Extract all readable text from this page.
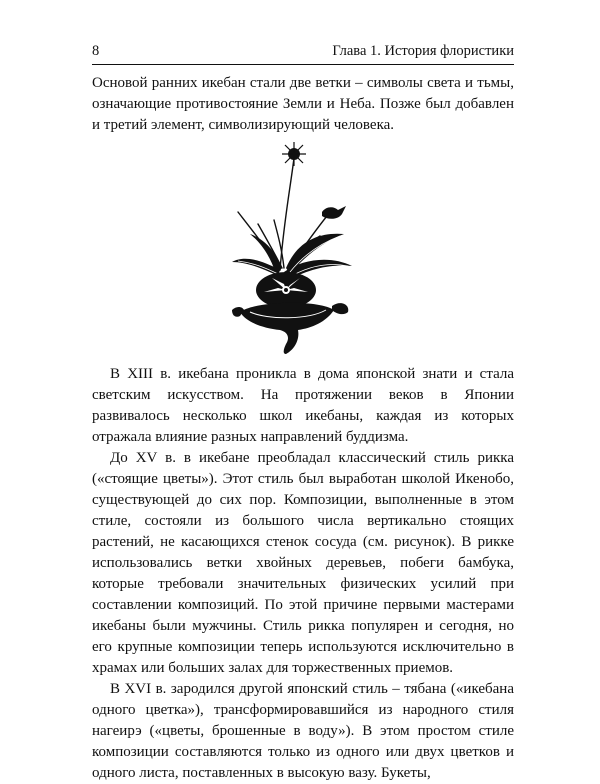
8	Глава 1. История флористики

Основой ранних икебан стали две ветки – символы света и тьмы, означающие противостояние Земли и Неба. Позже был добавлен и третий элемент, символизирующий человека.

В XIII в. икебана проникла в дома японской знати и стала светским искусством. На протяжении веков в Японии развивалось несколько школ икебаны, каждая из которых отражала влияние разных направлений буддизма.

До XV в. в икебане преобладал классический стиль рикка («стоящие цветы»). Этот стиль был выработан школой Икенобо, существующей до сих пор. Композиции, выполненные в этом стиле, состояли из большого числа вертикально стоящих растений, не касающихся стенок сосуда (см. рисунок). В рикке использовались ветки хвойных деревьев, побеги бамбука, которые требовали значительных физических усилий при составлении композиций. По этой причине первыми мастерами икебаны были мужчины. Стиль рикка популярен и сегодня, но его крупные композиции теперь используются исключительно в храмах или больших залах для торжественных приемов.

В XVI в. зародился другой японский стиль – тябана («икебана одного цветка»), трансформировавшийся из народного стиля нагеирэ («цветы, брошенные в воду»). В этом простом стиле композиции составляются только из одного или двух цветков и одного листа, поставленных в высокую вазу. Букеты,
